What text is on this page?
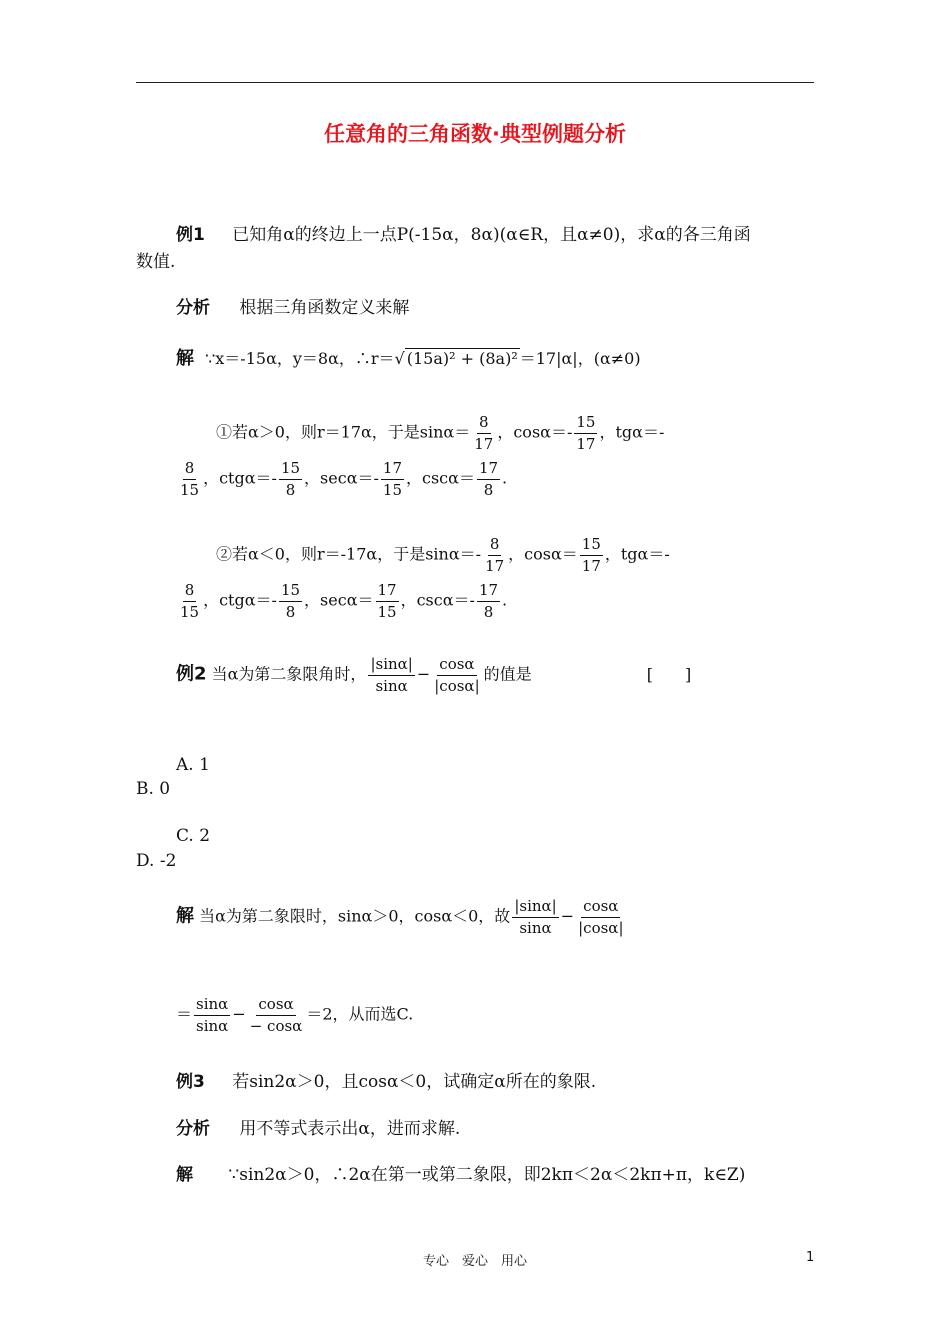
任意角的三角函数·典型例题分析
例1 已知角α的终边上一点P(-15α，8α)(α∈R，且α≠0)，求α的各三角函
数值.
分析 根据三角函数定义来解
解 ∵x＝-15α，y＝8α，∴r＝√ (15a)² + (8a)² ＝17|α|，(α≠0)
①若α＞0，则r＝17α，于是$\sin\alpha= \frac{8}{17}$ ，$\cos\alpha=- \frac{15}{17}$ ，tgα＝-
$\frac{8}{15}$ ，$ctg\alpha=- \frac{15}{8}$ ，$\sec\alpha=- \frac{17}{15}$ ，$\csc\alpha= \frac{17}{8}$ .
②若α＜0，则r＝-17α，于是$\sin\alpha=- \frac{8}{17}$ ，$\cos\alpha= \frac{15}{17}$ ，tgα＝-
$\frac{8}{15}$ ，$ctg\alpha=- \frac{15}{8}$ ，$\sec\alpha= \frac{17}{15}$ ，$\csc\alpha=- \frac{17}{8}$ .
例2 当α为第二象限角时， $\frac{|\sin\alpha|}{\sin\alpha} - \frac{\cos\alpha}{|\cos\alpha|}$ 的值是	[　　]
A. 1
B. 0
C. 2
D. -2
解 当α为第二象限时，sinα＞0，cosα＜0，故 $\frac{|\sin\alpha|}{\sin\alpha} - \frac{\cos\alpha}{|\cos\alpha|}$
＝ $\frac{\sin\alpha}{\sin\alpha} - \frac{\cos\alpha}{- \cos\alpha} =2$，从而选C.
例3 若sin2α＞0，且cosα＜0，试确定α所在的象限.
分析 用不等式表示出α，进而求解.
解 ∵sin2α＞0，∴2α在第一或第二象限，即2kπ＜2α＜2kπ+π，k∈Z)
专心　爱心　用心	1
